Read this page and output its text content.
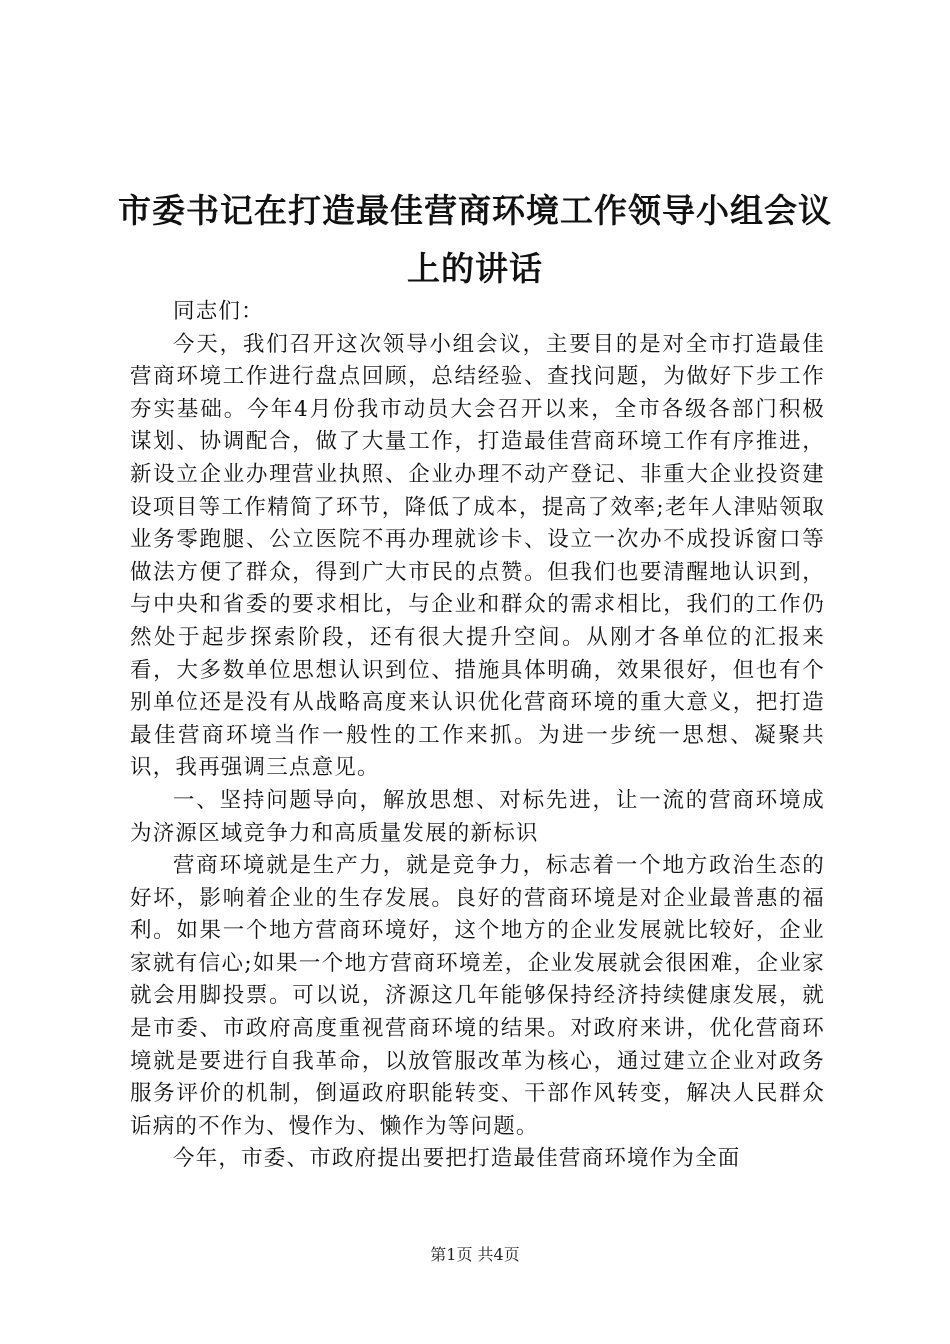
市委书记在打造最佳营商环境工作领导小组会议上的讲话

同志们：

今天，我们召开这次领导小组会议，主要目的是对全市打造最佳营商环境工作进行盘点回顾，总结经验、查找问题，为做好下步工作夯实基础。今年4月份我市动员大会召开以来，全市各级各部门积极谋划、协调配合，做了大量工作，打造最佳营商环境工作有序推进，新设立企业办理营业执照、企业办理不动产登记、非重大企业投资建设项目等工作精简了环节，降低了成本，提高了效率;老年人津贴领取业务零跑腿、公立医院不再办理就诊卡、设立一次办不成投诉窗口等做法方便了群众，得到广大市民的点赞。但我们也要清醒地认识到，与中央和省委的要求相比，与企业和群众的需求相比，我们的工作仍然处于起步探索阶段，还有很大提升空间。从刚才各单位的汇报来看，大多数单位思想认识到位、措施具体明确，效果很好，但也有个别单位还是没有从战略高度来认识优化营商环境的重大意义，把打造最佳营商环境当作一般性的工作来抓。为进一步统一思想、凝聚共识，我再强调三点意见。

一、坚持问题导向，解放思想、对标先进，让一流的营商环境成为济源区域竞争力和高质量发展的新标识

营商环境就是生产力，就是竞争力，标志着一个地方政治生态的好坏，影响着企业的生存发展。良好的营商环境是对企业最普惠的福利。如果一个地方营商环境好，这个地方的企业发展就比较好，企业家就有信心;如果一个地方营商环境差，企业发展就会很困难，企业家就会用脚投票。可以说，济源这几年能够保持经济持续健康发展，就是市委、市政府高度重视营商环境的结果。对政府来讲，优化营商环境就是要进行自我革命，以放管服改革为核心，通过建立企业对政务服务评价的机制，倒逼政府职能转变、干部作风转变，解决人民群众诟病的不作为、慢作为、懒作为等问题。

今年，市委、市政府提出要把打造最佳营商环境作为全面

第1页 共4页
